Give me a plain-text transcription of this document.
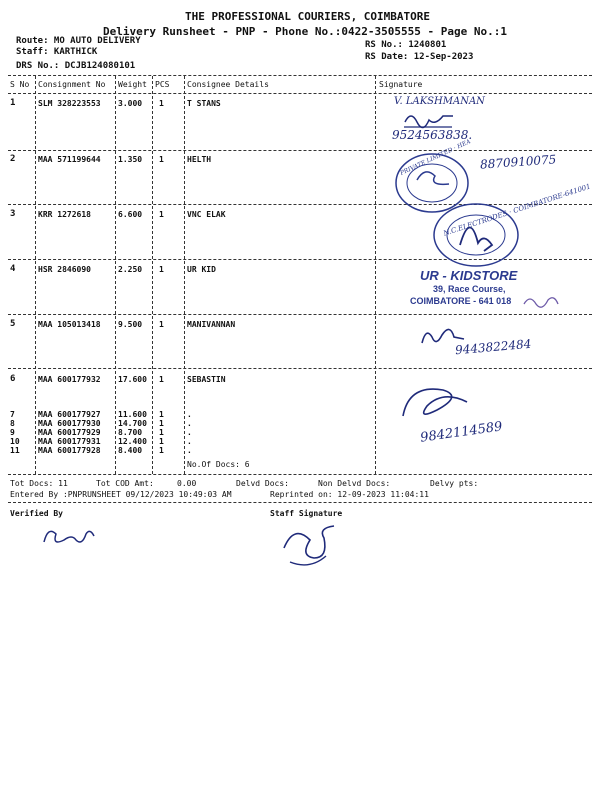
THE PROFESSIONAL COURIERS, COIMBATORE
Delivery Runsheet - PNP - Phone No.:0422-3505555 - Page No.:1
Route: MO AUTO DELIVERY
Staff: KARTHICK
DRS No.: DCJB124080101
RS No.: 1240801
RS Date: 12-Sep-2023
S No Consignment No Weight PCS Consignee Details	Signature
1	SLM 328223553 3.000 1	T STANS
2	MAA 571199644 1.350 1	HELTH
3	KRR 1272618	6.600 1	VNC ELAK
4	HSR 2846090	2.250 1	UR KID
5	MAA 105013418 9.500 1	MANIVANNAN
6	MAA 600177932 17.600 1	SEBASTIN
7	MAA 600177927 11.600 1	.
8	MAA 600177930 14.700 1	.
9	MAA 600177929 8.700 1	.
10 MAA 600177931 12.400 1	.
11 MAA 600177928 8.400 1	.
No.Of Docs: 6
Tot Docs: 11	Tot COD Amt:	0.00	Delvd Docs:	Non Delvd Docs:	Delvy pts:
Entered By :PNPRUNSHEET 09/12/2023 10:49:03 AM	Reprinted on: 12-09-2023 11:04:11
Verified By	Staff Signature
V. LAKSHMANAN
9524563838.
PRIVATE LIMITED · HEA 8870910075
N.C.ELECTRODES · COIMBATORE-641001
UR - KIDSTORE
39, Race Course,
COIMBATORE - 641 018
9443822484
9842114589
